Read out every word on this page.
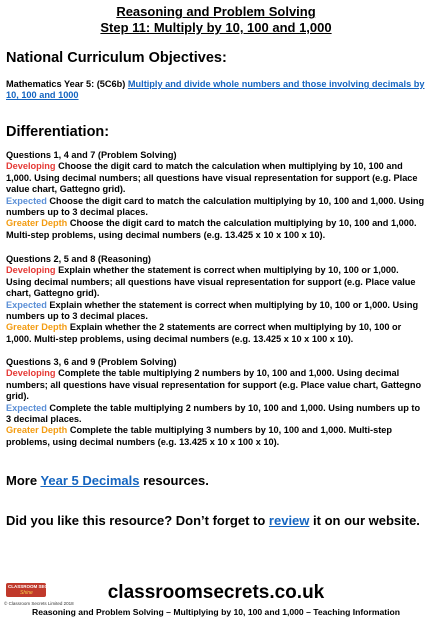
Reasoning and Problem Solving
Step 11: Multiply by 10, 100 and 1,000
National Curriculum Objectives:
Mathematics Year 5: (5C6b) Multiply and divide whole numbers and those involving decimals by 10, 100 and 1000
Differentiation:
Questions 1, 4 and 7 (Problem Solving)
Developing Choose the digit card to match the calculation when multiplying by 10, 100 and 1,000. Using decimal numbers; all questions have visual representation for support (e.g. Place value chart, Gattegno grid).
Expected Choose the digit card to match the calculation multiplying by 10, 100 and 1,000. Using numbers up to 3 decimal places.
Greater Depth Choose the digit card to match the calculation multiplying by 10, 100 and 1,000. Multi-step problems, using decimal numbers (e.g. 13.425 x 10 x 100 x 10).
Questions 2, 5 and 8 (Reasoning)
Developing Explain whether the statement is correct when multiplying by 10, 100 or 1,000. Using decimal numbers; all questions have visual representation for support (e.g. Place value chart, Gattegno grid).
Expected Explain whether the statement is correct when multiplying by 10, 100 or 1,000. Using numbers up to 3 decimal places.
Greater Depth Explain whether the 2 statements are correct when multiplying by 10, 100 or 1,000. Multi-step problems, using decimal numbers (e.g. 13.425 x 10 x 100 x 10).
Questions 3, 6 and 9 (Problem Solving)
Developing Complete the table multiplying 2 numbers by 10, 100 and 1,000. Using decimal numbers; all questions have visual representation for support (e.g. Place value chart, Gattegno grid).
Expected Complete the table multiplying 2 numbers by 10, 100 and 1,000. Using numbers up to 3 decimal places.
Greater Depth Complete the table multiplying 3 numbers by 10, 100 and 1,000. Multi-step problems, using decimal numbers (e.g. 13.425 x 10 x 100 x 10).
More Year 5 Decimals resources.
Did you like this resource? Don’t forget to review it on our website.
CLASSROOM SECRETS
Shine
© Classroom Secrets Limited 2018
classroomsecrets.co.uk
Reasoning and Problem Solving – Multiplying by 10, 100 and 1,000 – Teaching Information
